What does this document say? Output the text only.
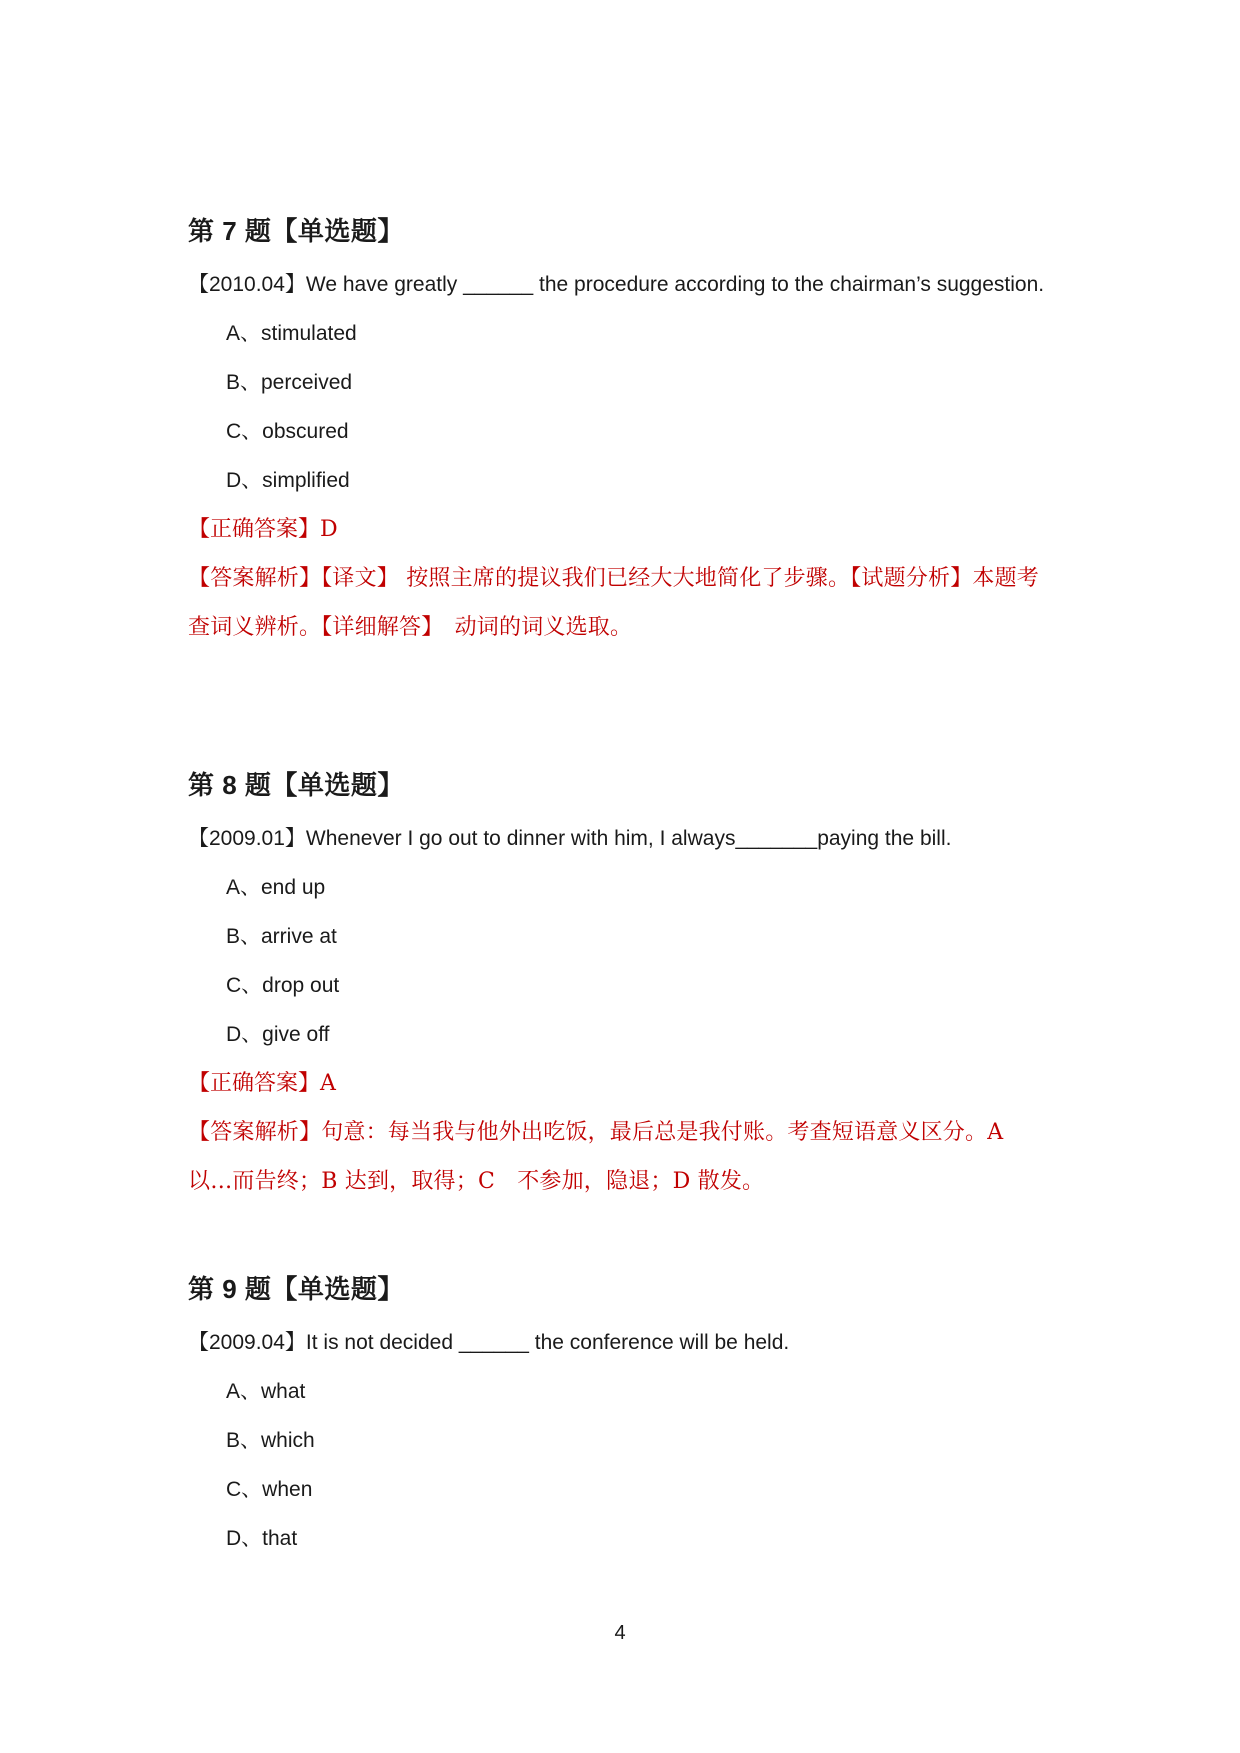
第 7 题【单选题】
【2010.04】We have greatly ______ the procedure according to the chairman’s suggestion.
A、stimulated
B、perceived
C、obscured
D、simplified
【正确答案】D
【答案解析】【译文】 按照主席的提议我们已经大大地简化了步骤。【试题分析】本题考查词义辨析。【详细解答】　动词的词义选取。
第 8 题【单选题】
【2009.01】Whenever I go out to dinner with him, I always_______paying the bill.
A、end up
B、arrive at
C、drop out
D、give off
【正确答案】A
【答案解析】句意：每当我与他外出吃饭，最后总是我付账。考查短语意义区分。A　以…而告终；B 达到，取得；C　不参加，隐退；D 散发。
第 9 题【单选题】
【2009.04】It is not decided ______ the conference will be held.
A、what
B、which
C、when
D、that
4
